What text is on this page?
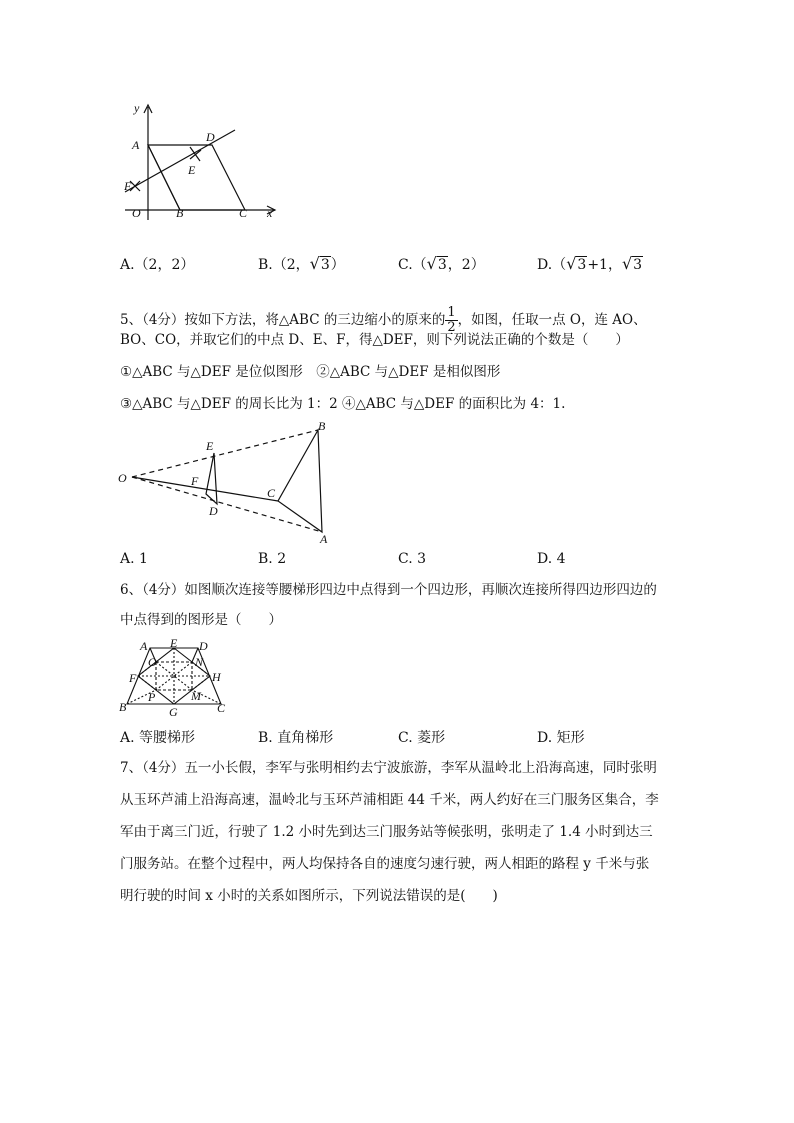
y
A
D
E
F
O	B	C x
A.（2，2）	B.（2，√3）	C.（√3，2）	D.（√3+1，√3
5、（4分）按如下方法，将△ABC 的三边缩小的原来的 $\frac{1}{2}$ ，如图，任取一点 O，连 AO、
BO、CO，并取它们的中点 D、E、F，得△DEF，则下列说法正确的个数是（　　）
①△ABC 与△DEF 是位似图形　②△ABC 与△DEF 是相似图形
③△ABC 与△DEF 的周长比为 1：2 ④△ABC 与△DEF 的面积比为 4：1.
O
E
F
D
B
C
A
A. 1	B. 2	C. 3	D. 4
6、（4分）如图顺次连接等腰梯形四边中点得到一个四边形，再顺次连接所得四边形四边的
中点得到的图形是（　　）
A E D
O	N
F	H
P	M
B	G	C
A. 等腰梯形	B. 直角梯形	C. 菱形	D. 矩形
7、（4分）五一小长假，李军与张明相约去宁波旅游，李军从温岭北上沿海高速，同时张明
从玉环芦浦上沿海高速，温岭北与玉环芦浦相距 44 千米，两人约好在三门服务区集合，李
军由于离三门近，行驶了 1.2 小时先到达三门服务站等候张明，张明走了 1.4 小时到达三
门服务站。在整个过程中，两人均保持各自的速度匀速行驶，两人相距的路程 y 千米与张
明行驶的时间 x 小时的关系如图所示，下列说法错误的是(　　)
